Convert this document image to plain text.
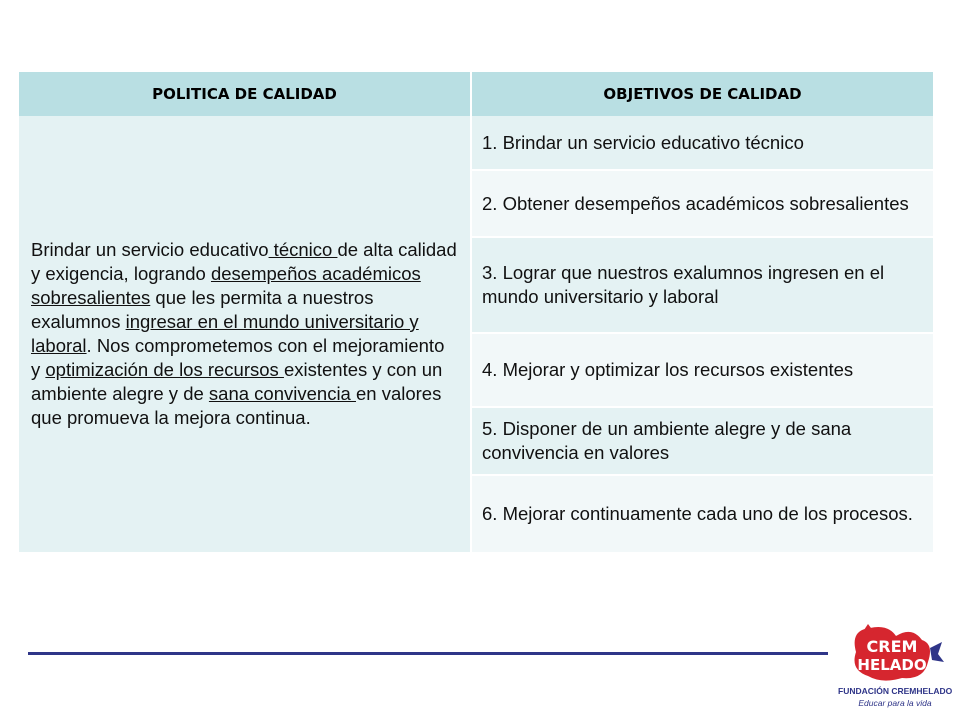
POLITICA DE CALIDAD	OBJETIVOS DE CALIDAD
Brindar un servicio educativo técnico de alta calidad y exigencia, logrando desempeños académicos sobresalientes que les permita a nuestros exalumnos ingresar en el mundo universitario y laboral. Nos comprometemos con el mejoramiento y optimización de los recursos existentes y con un ambiente alegre y de sana convivencia en valores que promueva la mejora continua.	1. Brindar un servicio educativo técnico
	2. Obtener desempeños académicos sobresalientes
	3. Lograr que nuestros exalumnos ingresen en el mundo universitario y laboral
	4. Mejorar y optimizar los recursos existentes
	5. Disponer de un ambiente alegre y de sana convivencia en valores
	6. Mejorar continuamente cada uno de los procesos.
CREM
HELADO
FUNDACIÓN CREMHELADO
Educar para la vida
